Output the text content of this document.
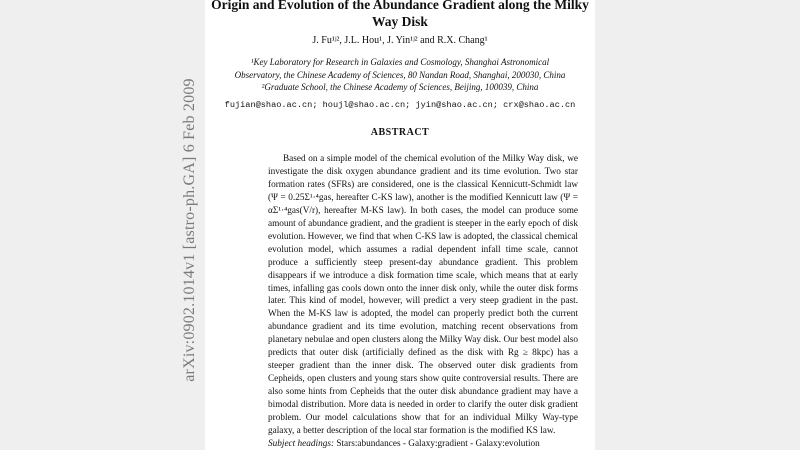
arXiv:0902.1014v1 [astro-ph.GA] 6 Feb 2009
Origin and Evolution of the Abundance Gradient along the Milky Way Disk
J. Fu¹ʲ², J.L. Hou¹, J. Yin¹ʲ² and R.X. Chang¹
¹Key Laboratory for Research in Galaxies and Cosmology, Shanghai Astronomical
Observatory, the Chinese Academy of Sciences, 80 Nandan Road, Shanghai, 200030, China
²Graduate School, the Chinese Academy of Sciences, Beijing, 100039, China
fujian@shao.ac.cn; houjl@shao.ac.cn; jyin@shao.ac.cn; crx@shao.ac.cn
ABSTRACT

Based on a simple model of the chemical evolution of the Milky Way disk, we investigate the disk oxygen abundance gradient and its time evolution. Two star formation rates (SFRs) are considered, one is the classical Kennicutt-Schmidt law (Ψ = 0.25Σ¹·⁴gas, hereafter C-KS law), another is the modified Kennicutt law (Ψ = αΣ¹·⁴gas(V/r), hereafter M-KS law). In both cases, the model can produce some amount of abundance gradient, and the gradient is steeper in the early epoch of disk evolution. However, we find that when C-KS law is adopted, the classical chemical evolution model, which assumes a radial dependent infall time scale, cannot produce a sufficiently steep present-day abundance gradient. This problem disappears if we introduce a disk formation time scale, which means that at early times, infalling gas cools down onto the inner disk only, while the outer disk forms later. This kind of model, however, will predict a very steep gradient in the past. When the M-KS law is adopted, the model can properly predict both the current abundance gradient and its time evolution, matching recent observations from planetary nebulae and open clusters along the Milky Way disk. Our best model also predicts that outer disk (artificially defined as the disk with Rg ≥ 8kpc) has a steeper gradient than the inner disk. The observed outer disk gradients from Cepheids, open clusters and young stars show quite controversial results. There are also some hints from Cepheids that the outer disk abundance gradient may have a bimodal distribution. More data is needed in order to clarify the outer disk gradient problem. Our model calculations show that for an individual Milky Way-type galaxy, a better description of the local star formation is the modified KS law.

Subject headings: Stars:abundances - Galaxy:gradient - Galaxy:evolution
